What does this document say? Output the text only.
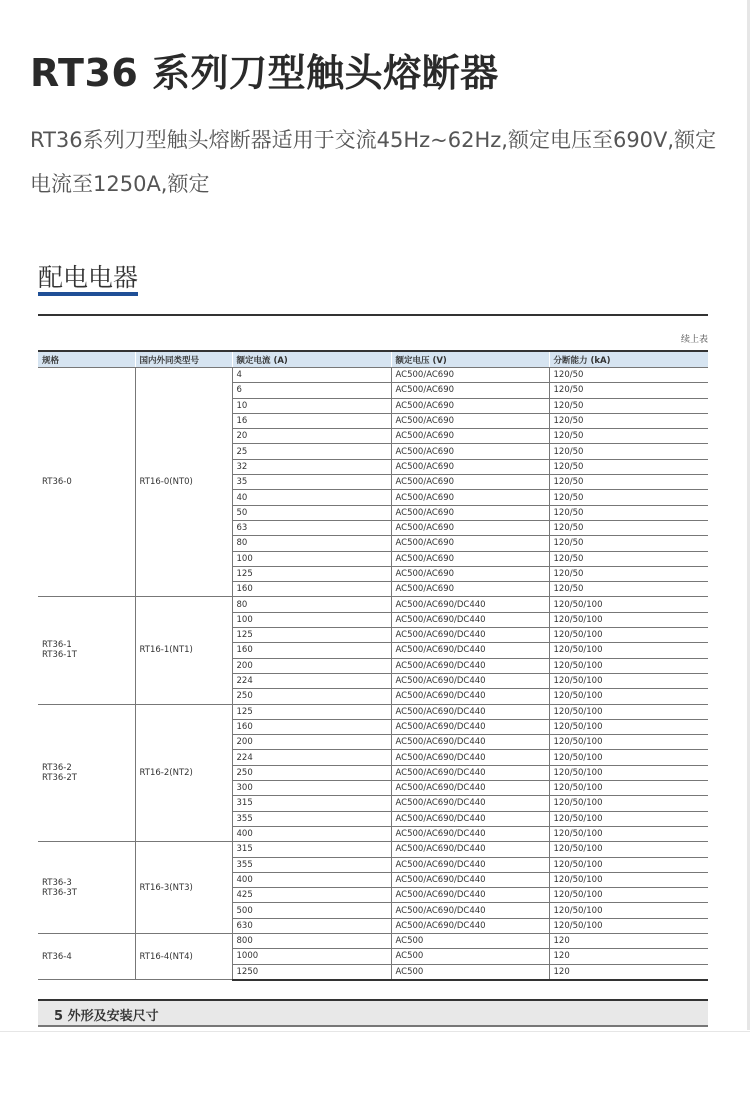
RT36 系列刀型触头熔断器
RT36系列刀型触头熔断器适用于交流45Hz~62Hz,额定电压至690V,额定电流至1250A,额定
配电电器
续上表
规格	国内外同类型号	额定电流 (A)	额定电压 (V)	分断能力 (kA)

RT36-0	RT16-0(NT0)	4	AC500/AC690	120/50
		6	AC500/AC690	120/50
		10	AC500/AC690	120/50
		16	AC500/AC690	120/50
		20	AC500/AC690	120/50
		25	AC500/AC690	120/50
		32	AC500/AC690	120/50
		35	AC500/AC690	120/50
		40	AC500/AC690	120/50
		50	AC500/AC690	120/50
		63	AC500/AC690	120/50
		80	AC500/AC690	120/50
		100	AC500/AC690	120/50
		125	AC500/AC690	120/50
		160	AC500/AC690	120/50

RT36-1
RT36-1T	RT16-1(NT1)	80	AC500/AC690/DC440	120/50/100
		100	AC500/AC690/DC440	120/50/100
		125	AC500/AC690/DC440	120/50/100
		160	AC500/AC690/DC440	120/50/100
		200	AC500/AC690/DC440	120/50/100
		224	AC500/AC690/DC440	120/50/100
		250	AC500/AC690/DC440	120/50/100

RT36-2
RT36-2T	RT16-2(NT2)	125	AC500/AC690/DC440	120/50/100
		160	AC500/AC690/DC440	120/50/100
		200	AC500/AC690/DC440	120/50/100
		224	AC500/AC690/DC440	120/50/100
		250	AC500/AC690/DC440	120/50/100
		300	AC500/AC690/DC440	120/50/100
		315	AC500/AC690/DC440	120/50/100
		355	AC500/AC690/DC440	120/50/100
		400	AC500/AC690/DC440	120/50/100

RT36-3
RT36-3T	RT16-3(NT3)	315	AC500/AC690/DC440	120/50/100
		355	AC500/AC690/DC440	120/50/100
		400	AC500/AC690/DC440	120/50/100
		425	AC500/AC690/DC440	120/50/100
		500	AC500/AC690/DC440	120/50/100
		630	AC500/AC690/DC440	120/50/100

RT36-4	RT16-4(NT4)	800	AC500	120
		1000	AC500	120
		1250	AC500	120
5 外形及安装尺寸
